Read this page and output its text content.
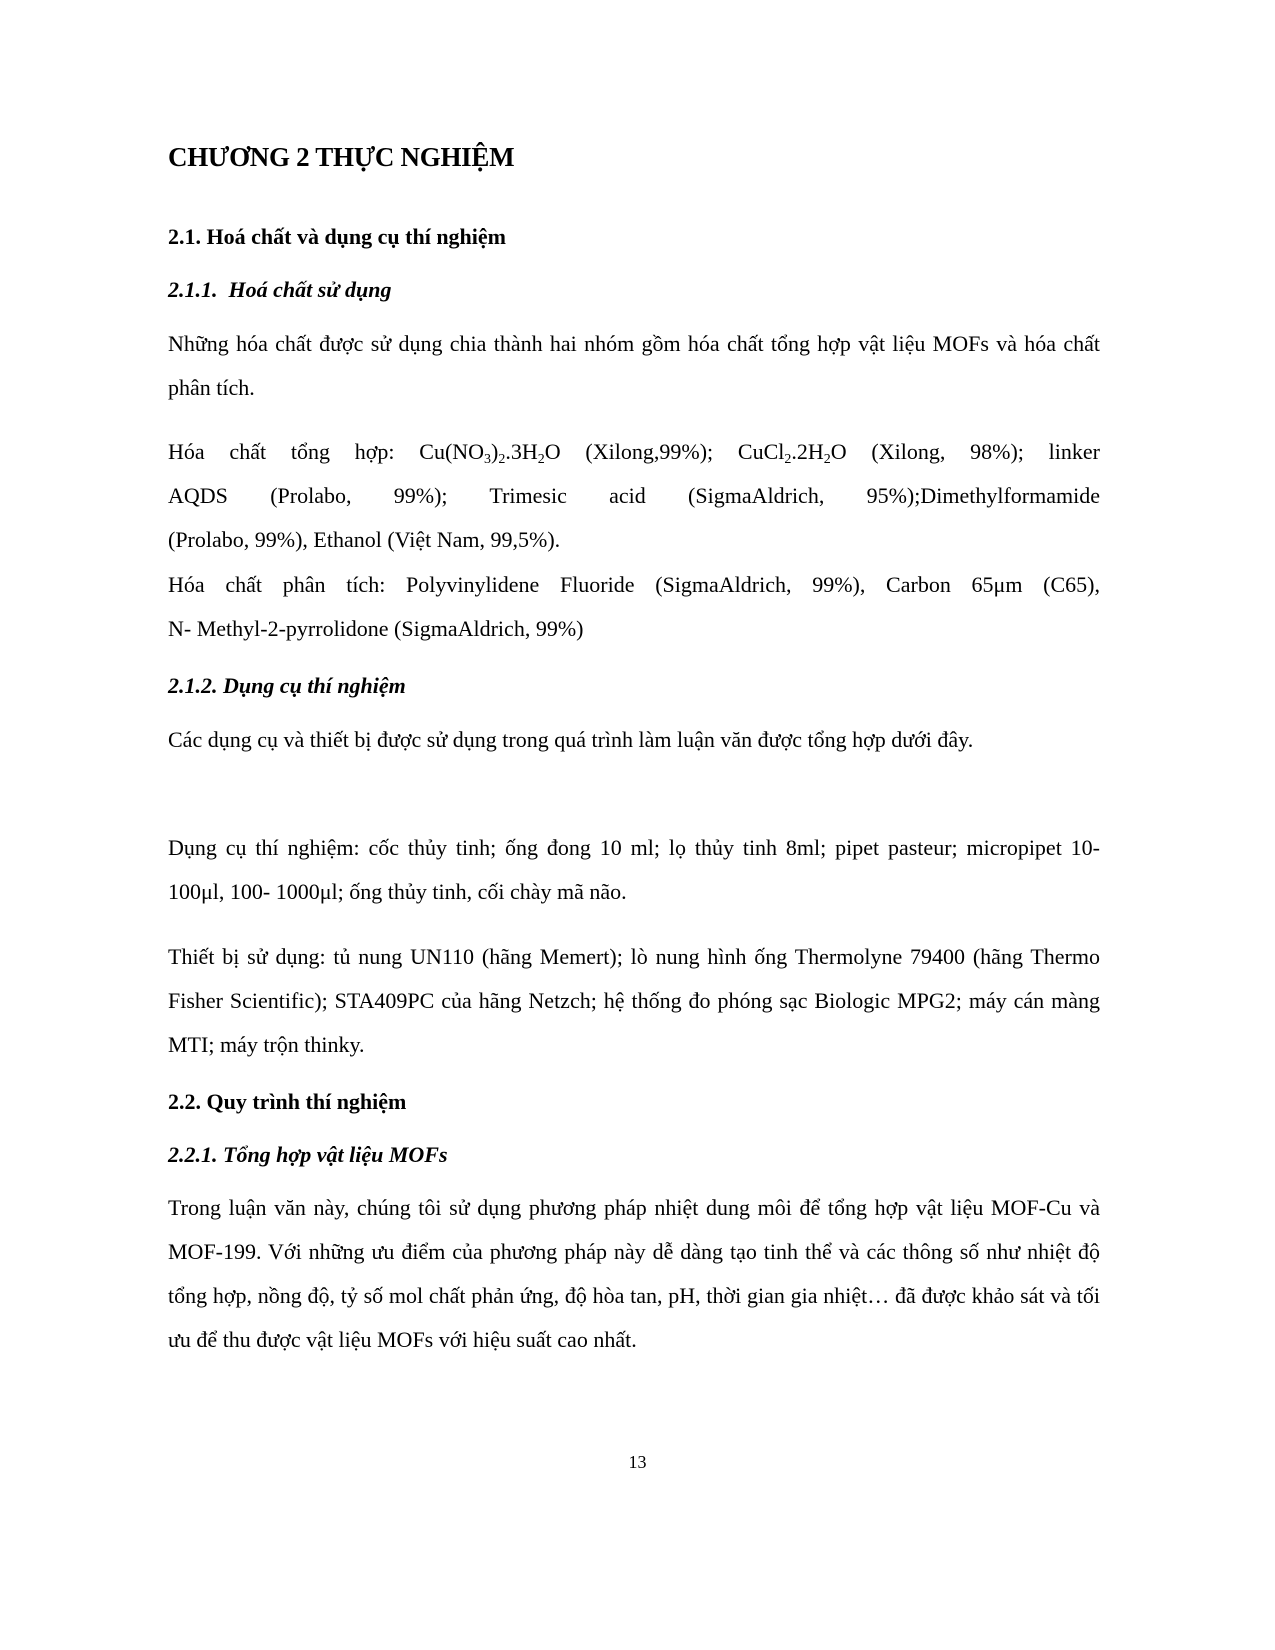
CHƯƠNG 2 THỰC NGHIỆM
2.1. Hoá chất và dụng cụ thí nghiệm
2.1.1.  Hoá chất sử dụng
Những hóa chất được sử dụng chia thành hai nhóm gồm hóa chất tổng hợp vật liệu MOFs và hóa chất phân tích.
Hóa chất tổng hợp: $Cu(NO_3)_2.3H_2O$ (Xilong,99%); $CuCl_2.2H_2O$ (Xilong, 98%); linker
AQDS (Prolabo, 99%); Trimesic acid (SigmaAldrich, 95%);Dimethylformamide
(Prolabo, 99%), Ethanol (Việt Nam, 99,5%).
Hóa chất phân tích: Polyvinylidene Fluoride (SigmaAldrich, 99%), Carbon 65μm (C65),
N- Methyl-2-pyrrolidone (SigmaAldrich, 99%)
2.1.2. Dụng cụ thí nghiệm
Các dụng cụ và thiết bị được sử dụng trong quá trình làm luận văn được tổng hợp dưới đây.
Dụng cụ thí nghiệm: cốc thủy tinh; ống đong 10 ml; lọ thủy tinh 8ml; pipet pasteur; micropipet 10- 100μl, 100- 1000μl; ống thủy tinh, cối chày mã não.
Thiết bị sử dụng: tủ nung UN110 (hãng Memert); lò nung hình ống Thermolyne 79400 (hãng Thermo Fisher Scientific); STA409PC của hãng Netzch; hệ thống đo phóng sạc Biologic MPG2; máy cán màng MTI; máy trộn thinky.
2.2. Quy trình thí nghiệm
2.2.1. Tổng hợp vật liệu MOFs
Trong luận văn này, chúng tôi sử dụng phương pháp nhiệt dung môi để tổng hợp vật liệu MOF-Cu và MOF-199. Với những ưu điểm của phương pháp này dễ dàng tạo tinh thể và các thông số như nhiệt độ tổng hợp, nồng độ, tỷ số mol chất phản ứng, độ hòa tan, pH, thời gian gia nhiệt… đã được khảo sát và tối ưu để thu được vật liệu MOFs với hiệu suất cao nhất.
13
